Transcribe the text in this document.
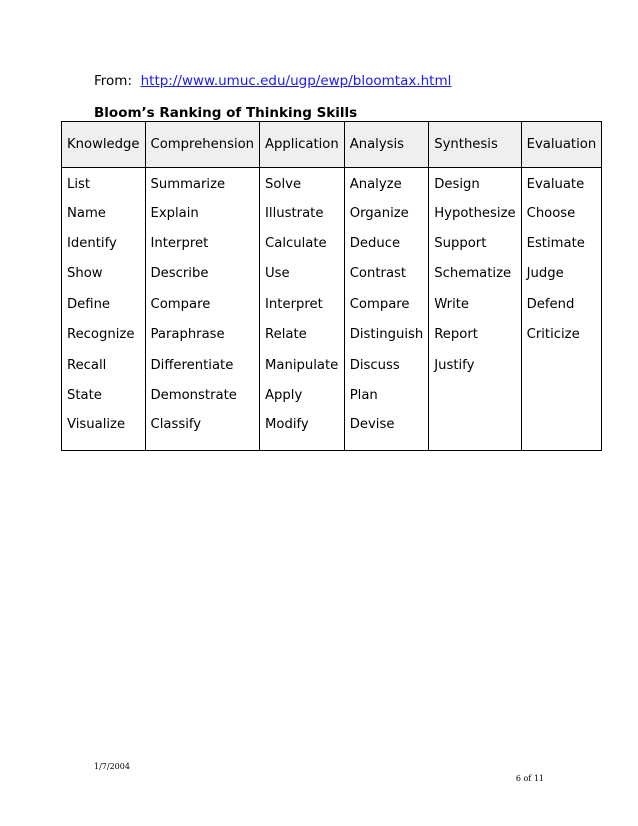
From: http://www.umuc.edu/ugp/ewp/bloomtax.html
Bloom’s Ranking of Thinking Skills
Knowledge	Comprehension	Application	Analysis	Synthesis	Evaluation
List	Summarize	Solve	Analyze	Design	Evaluate
Name	Explain	Illustrate	Organize	Hypothesize	Choose
Identify	Interpret	Calculate	Deduce	Support	Estimate
Show	Describe	Use	Contrast	Schematize	Judge
Define	Compare	Interpret	Compare	Write	Defend
Recognize	Paraphrase	Relate	Distinguish	Report	Criticize
Recall	Differentiate	Manipulate	Discuss	Justify	
State	Demonstrate	Apply	Plan		
Visualize	Classify	Modify	Devise		
1/7/2004
6 of 11
